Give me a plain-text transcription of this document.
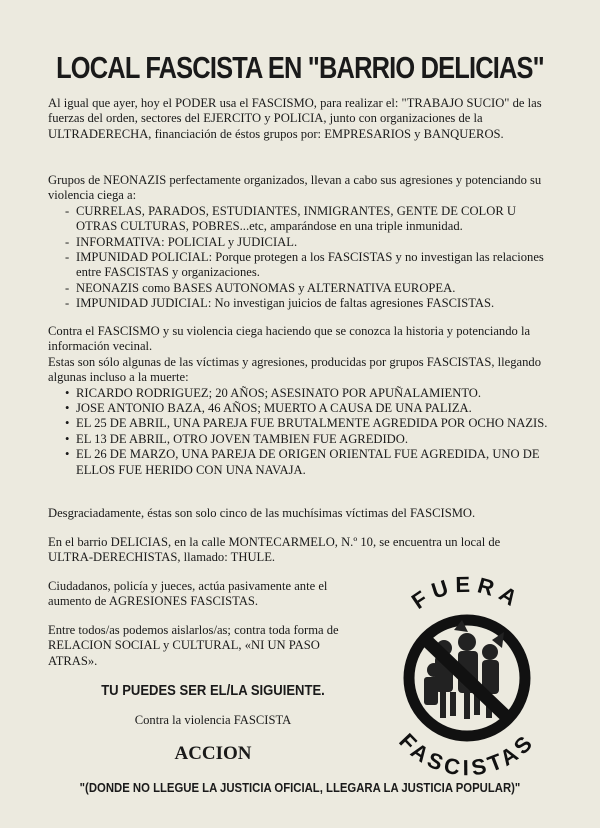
LOCAL FASCISTA EN "BARRIO DELICIAS"
Al igual que ayer, hoy el PODER usa el FASCISMO, para realizar el: "TRABAJO SUCIO" de las fuerzas del orden, sectores del EJERCITO y POLICIA, junto con organizaciones de la ULTRADERECHA, financiación de éstos grupos por: EMPRESARIOS y BANQUEROS.
Grupos de NEONAZIS perfectamente organizados, llevan a cabo sus agresiones y potenciando su violencia ciega a:
- CURRELAS, PARADOS, ESTUDIANTES, INMIGRANTES, GENTE DE COLOR U OTRAS CULTURAS, POBRES...etc, amparándose en una triple inmunidad.
- INFORMATIVA: POLICIAL y JUDICIAL.
- IMPUNIDAD POLICIAL: Porque protegen a los FASCISTAS y no investigan las relaciones entre FASCISTAS y organizaciones.
- NEONAZIS como BASES AUTONOMAS y ALTERNATIVA EUROPEA.
- IMPUNIDAD JUDICIAL: No investigan juicios de faltas agresiones FASCISTAS.
Contra el FASCISMO y su violencia ciega haciendo que se conozca la historia y potenciando la información vecinal.
Estas son sólo algunas de las víctimas y agresiones, producidas por grupos FASCISTAS, llegando algunas incluso a la muerte:
• RICARDO RODRIGUEZ; 20 AÑOS; ASESINATO POR APUÑALAMIENTO.
• JOSE ANTONIO BAZA, 46 AÑOS; MUERTO A CAUSA DE UNA PALIZA.
• EL 25 DE ABRIL, UNA PAREJA FUE BRUTALMENTE AGREDIDA POR OCHO NAZIS.
• EL 13 DE ABRIL, OTRO JOVEN TAMBIEN FUE AGREDIDO.
• EL 26 DE MARZO, UNA PAREJA DE ORIGEN ORIENTAL FUE AGREDIDA, UNO DE ELLOS FUE HERIDO CON UNA NAVAJA.
Desgraciadamente, éstas son solo cinco de las muchísimas víctimas del FASCISMO.
En el barrio DELICIAS, en la calle MONTECARMELO, N.º 10, se encuentra un local de ULTRA-DERECHISTAS, llamado: THULE.
Ciudadanos, policía y jueces, actúa pasivamente ante el aumento de AGRESIONES FASCISTAS.
Entre todos/as podemos aislarlos/as; contra toda forma de RELACION SOCIAL y CULTURAL, «NI UN PASO ATRAS».
TU PUEDES SER EL/LA SIGUIENTE.
Contra la violencia FASCISTA
ACCION
FUERA
FASCISTAS
"(DONDE NO LLEGUE LA JUSTICIA OFICIAL, LLEGARA LA JUSTICIA POPULAR)"
